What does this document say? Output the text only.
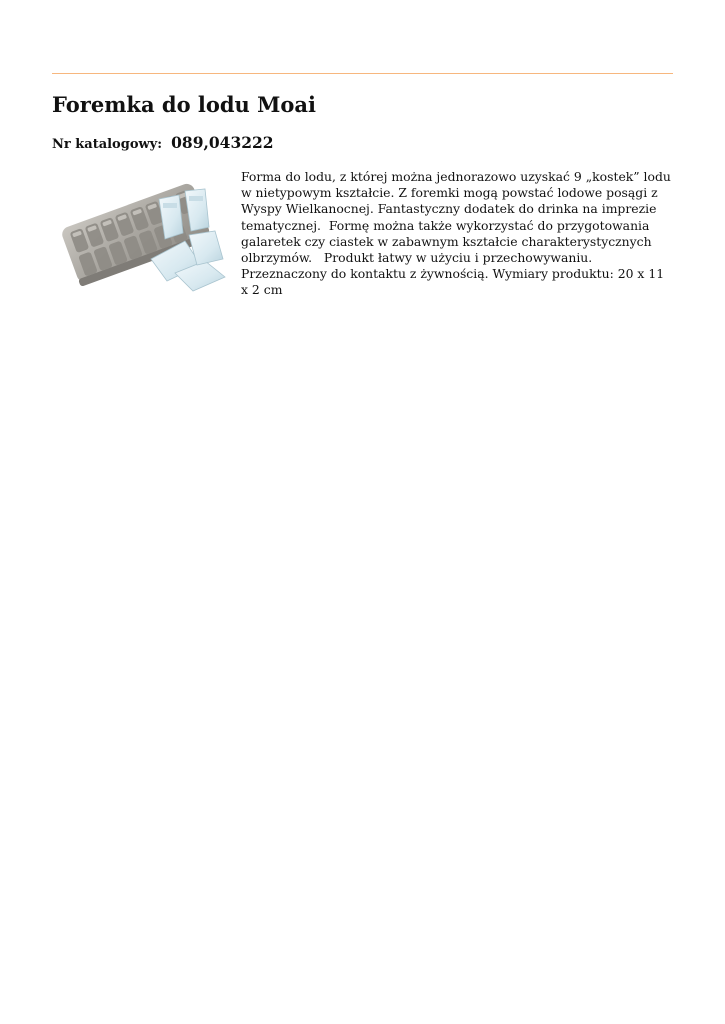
Foremka do lodu Moai
Nr katalogowy: 089,043222

Forma do lodu, z której można jednorazowo uzyskać 9 „kostek” lodu w nietypowym kształcie. Z foremki mogą powstać lodowe posągi z Wyspy Wielkanocnej. Fantastyczny dodatek do drinka na imprezie tematycznej.  Formę można także wykorzystać do przygotowania galaretek czy ciastek w zabawnym kształcie charakterystycznych olbrzymów.   Produkt łatwy w użyciu i przechowywaniu. Przeznaczony do kontaktu z żywnością. Wymiary produktu: 20 x 11 x 2 cm
